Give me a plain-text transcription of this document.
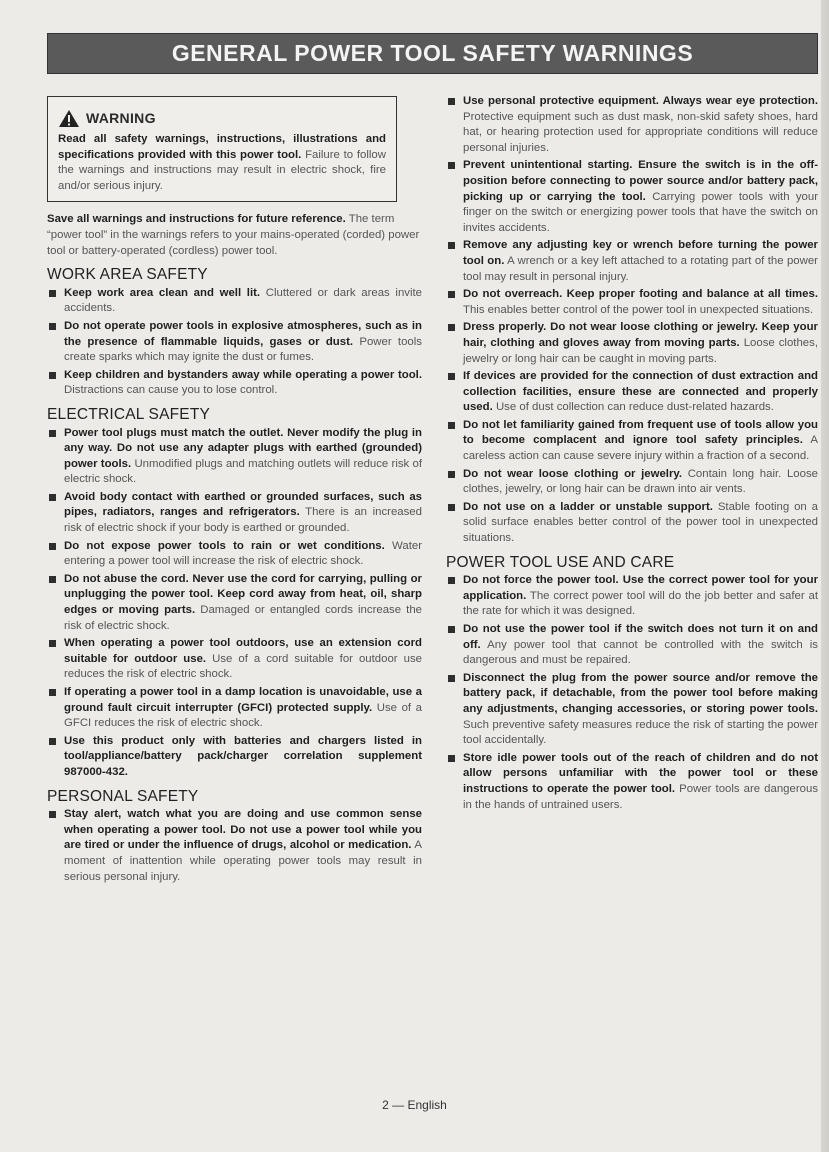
GENERAL POWER TOOL SAFETY WARNINGS
WARNING

Read all safety warnings, instructions, illustrations and specifications provided with this power tool. Failure to follow the warnings and instructions may result in electric shock, fire and/or serious injury.

Save all warnings and instructions for future reference. The term “power tool” in the warnings refers to your mains-operated (corded) power tool or battery-operated (cordless) power tool.

WORK AREA SAFETY
Keep work area clean and well lit. Cluttered or dark areas invite accidents.
Do not operate power tools in explosive atmospheres, such as in the presence of flammable liquids, gases or dust. Power tools create sparks which may ignite the dust or fumes.
Keep children and bystanders away while operating a power tool. Distractions can cause you to lose control.
ELECTRICAL SAFETY
Power tool plugs must match the outlet. Never modify the plug in any way. Do not use any adapter plugs with earthed (grounded) power tools. Unmodified plugs and matching outlets will reduce risk of electric shock.
Avoid body contact with earthed or grounded surfaces, such as pipes, radiators, ranges and refrigerators. There is an increased risk of electric shock if your body is earthed or grounded.
Do not expose power tools to rain or wet conditions. Water entering a power tool will increase the risk of electric shock.
Do not abuse the cord. Never use the cord for carrying, pulling or unplugging the power tool. Keep cord away from heat, oil, sharp edges or moving parts. Damaged or entangled cords increase the risk of electric shock.
When operating a power tool outdoors, use an extension cord suitable for outdoor use. Use of a cord suitable for outdoor use reduces the risk of electric shock.
If operating a power tool in a damp location is unavoidable, use a ground fault circuit interrupter (GFCI) protected supply. Use of a GFCI reduces the risk of electric shock.
Use this product only with batteries and chargers listed in tool/appliance/battery pack/charger correlation supplement 987000-432.
PERSONAL SAFETY
Stay alert, watch what you are doing and use common sense when operating a power tool. Do not use a power tool while you are tired or under the influence of drugs, alcohol or medication. A moment of inattention while operating power tools may result in serious personal injury.
Use personal protective equipment. Always wear eye protection. Protective equipment such as dust mask, non-skid safety shoes, hard hat, or hearing protection used for appropriate conditions will reduce personal injuries.
Prevent unintentional starting. Ensure the switch is in the off-position before connecting to power source and/or battery pack, picking up or carrying the tool. Carrying power tools with your finger on the switch or energizing power tools that have the switch on invites accidents.
Remove any adjusting key or wrench before turning the power tool on. A wrench or a key left attached to a rotating part of the power tool may result in personal injury.
Do not overreach. Keep proper footing and balance at all times. This enables better control of the power tool in unexpected situations.
Dress properly. Do not wear loose clothing or jewelry. Keep your hair, clothing and gloves away from moving parts. Loose clothes, jewelry or long hair can be caught in moving parts.
If devices are provided for the connection of dust extraction and collection facilities, ensure these are connected and properly used. Use of dust collection can reduce dust-related hazards.
Do not let familiarity gained from frequent use of tools allow you to become complacent and ignore tool safety principles. A careless action can cause severe injury within a fraction of a second.
Do not wear loose clothing or jewelry. Contain long hair. Loose clothes, jewelry, or long hair can be drawn into air vents.
Do not use on a ladder or unstable support. Stable footing on a solid surface enables better control of the power tool in unexpected situations.
POWER TOOL USE AND CARE
Do not force the power tool. Use the correct power tool for your application. The correct power tool will do the job better and safer at the rate for which it was designed.
Do not use the power tool if the switch does not turn it on and off. Any power tool that cannot be controlled with the switch is dangerous and must be repaired.
Disconnect the plug from the power source and/or remove the battery pack, if detachable, from the power tool before making any adjustments, changing accessories, or storing power tools. Such preventive safety measures reduce the risk of starting the power tool accidentally.
Store idle power tools out of the reach of children and do not allow persons unfamiliar with the power tool or these instructions to operate the power tool. Power tools are dangerous in the hands of untrained users.
2 — English
